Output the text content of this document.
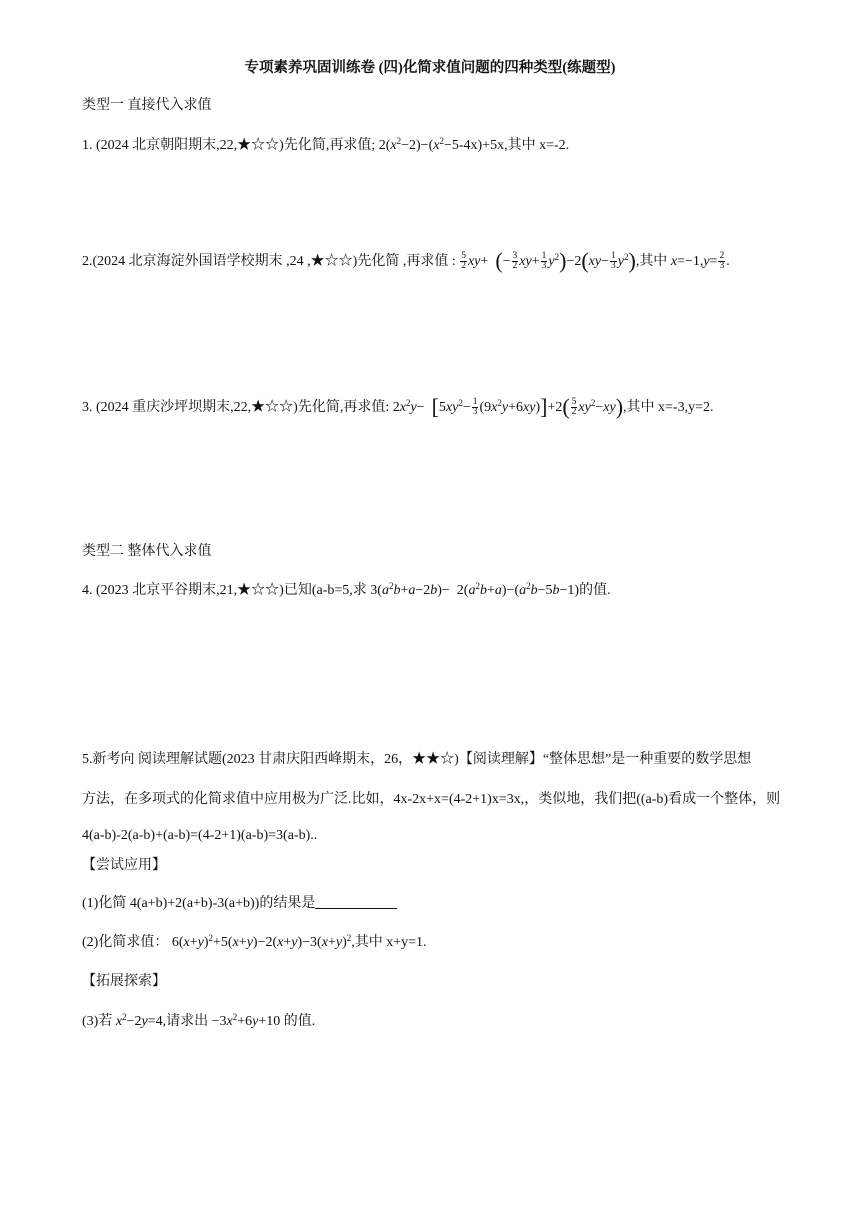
专项素养巩固训练卷 (四)化简求值问题的四种类型(练题型)
类型一 直接代入求值
1. (2024 北京朝阳期末,22,★☆☆)先化简,再求值; $2(x^2-2)-(x^2-5-4x)+5x$,其中 x=-2.
2.(2024 北京海淀外国语学校期末 ,24 ,★☆☆)先化简 ,再求值 : $\frac{5}{2} xy+$  (− $\frac{3}{2} xy+ \frac{1}{3} y^2)-2(xy- \frac{1}{3} y^2)$,其中 $x=-1,y= \frac{2}{3}$ .
3. (2024 重庆沙坪坝期末,22,★☆☆)先化简,再求值: $2x^2y- [5xy^2- \frac{1}{3} (9x^2y+6xy)]+2( \frac{5}{2} xy^2-xy)$,其中 x=-3,y=2.
类型二 整体代入求值
4. (2023 北京平谷期末,21,★☆☆)已知(a-b=5,求 $3(a^2b+a-2b)- 2(a^2b+a)-(a^2b-5b-1)$的值.
5.新考向 阅读理解试题(2023 甘肃庆阳西峰期末，26，★★☆)【阅读理解】“整体思想”是一种重要的数学思想
方法，在多项式的化简求值中应用极为广泛.比如，4x-2x+x=(4-2+1)x=3x,，类似地，我们把((a-b)看成一个整体，则
4(a-b)-2(a-b)+(a-b)=(4-2+1)(a-b)=3(a-b)..
【尝试应用】
(1)化简 4(a+b)+2(a+b)-3(a+b))的结果是
(2)化简求值： $6(x+y)^2+5(x+y)-2(x+y)-3(x+y)^2$,其中 x+y=1.
【拓展探索】
(3)若 $x^2-2y=4$,请求出 $-3x^2+6y+10$ 的值.
